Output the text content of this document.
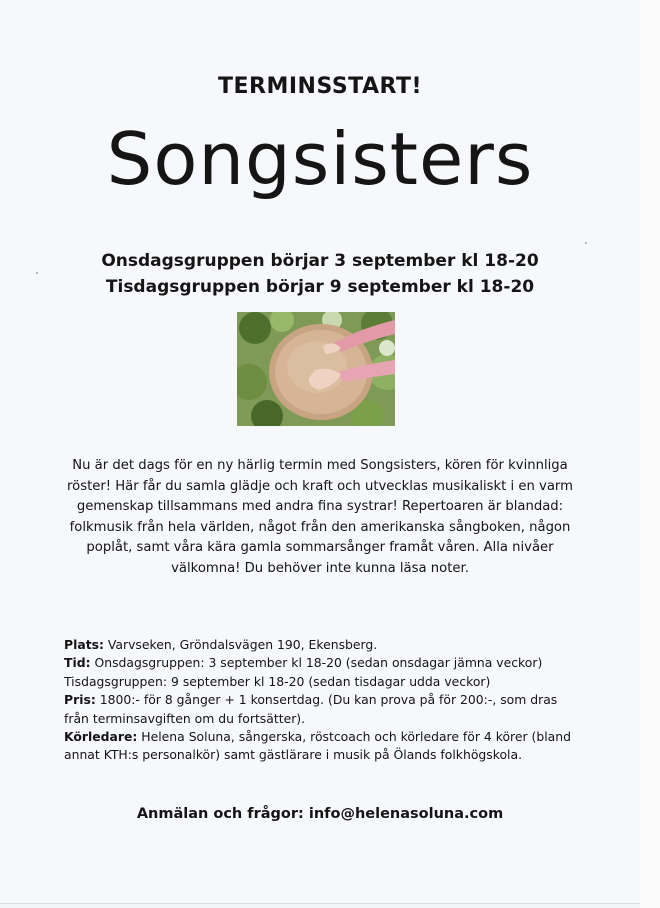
TERMINSSTART!
Songsisters
Onsdagsgruppen börjar 3 september kl 18-20
Tisdagsgruppen börjar 9 september kl 18-20
Nu är det dags för en ny härlig termin med Songsisters, kören för kvinnliga röster! Här får du samla glädje och kraft och utvecklas musikaliskt i en varm gemenskap tillsammans med andra fina systrar! Repertoaren är blandad: folkmusik från hela världen, något från den amerikanska sångboken, någon poplåt, samt våra kära gamla sommarsånger framåt våren. Alla nivåer välkomna! Du behöver inte kunna läsa noter.
Plats: Varvseken, Gröndalsvägen 190, Ekensberg.
Tid: Onsdagsgruppen: 3 september kl 18-20 (sedan onsdagar jämna veckor)
Tisdagsgruppen: 9 september kl 18-20 (sedan tisdagar udda veckor)
Pris: 1800:- för 8 gånger + 1 konsertdag. (Du kan prova på för 200:-, som dras från terminsavgiften om du fortsätter).
Körledare: Helena Soluna, sångerska, röstcoach och körledare för 4 körer (bland annat KTH:s personalkör) samt gästlärare i musik på Ölands folkhögskola.
Anmälan och frågor: info@helenasoluna.com
